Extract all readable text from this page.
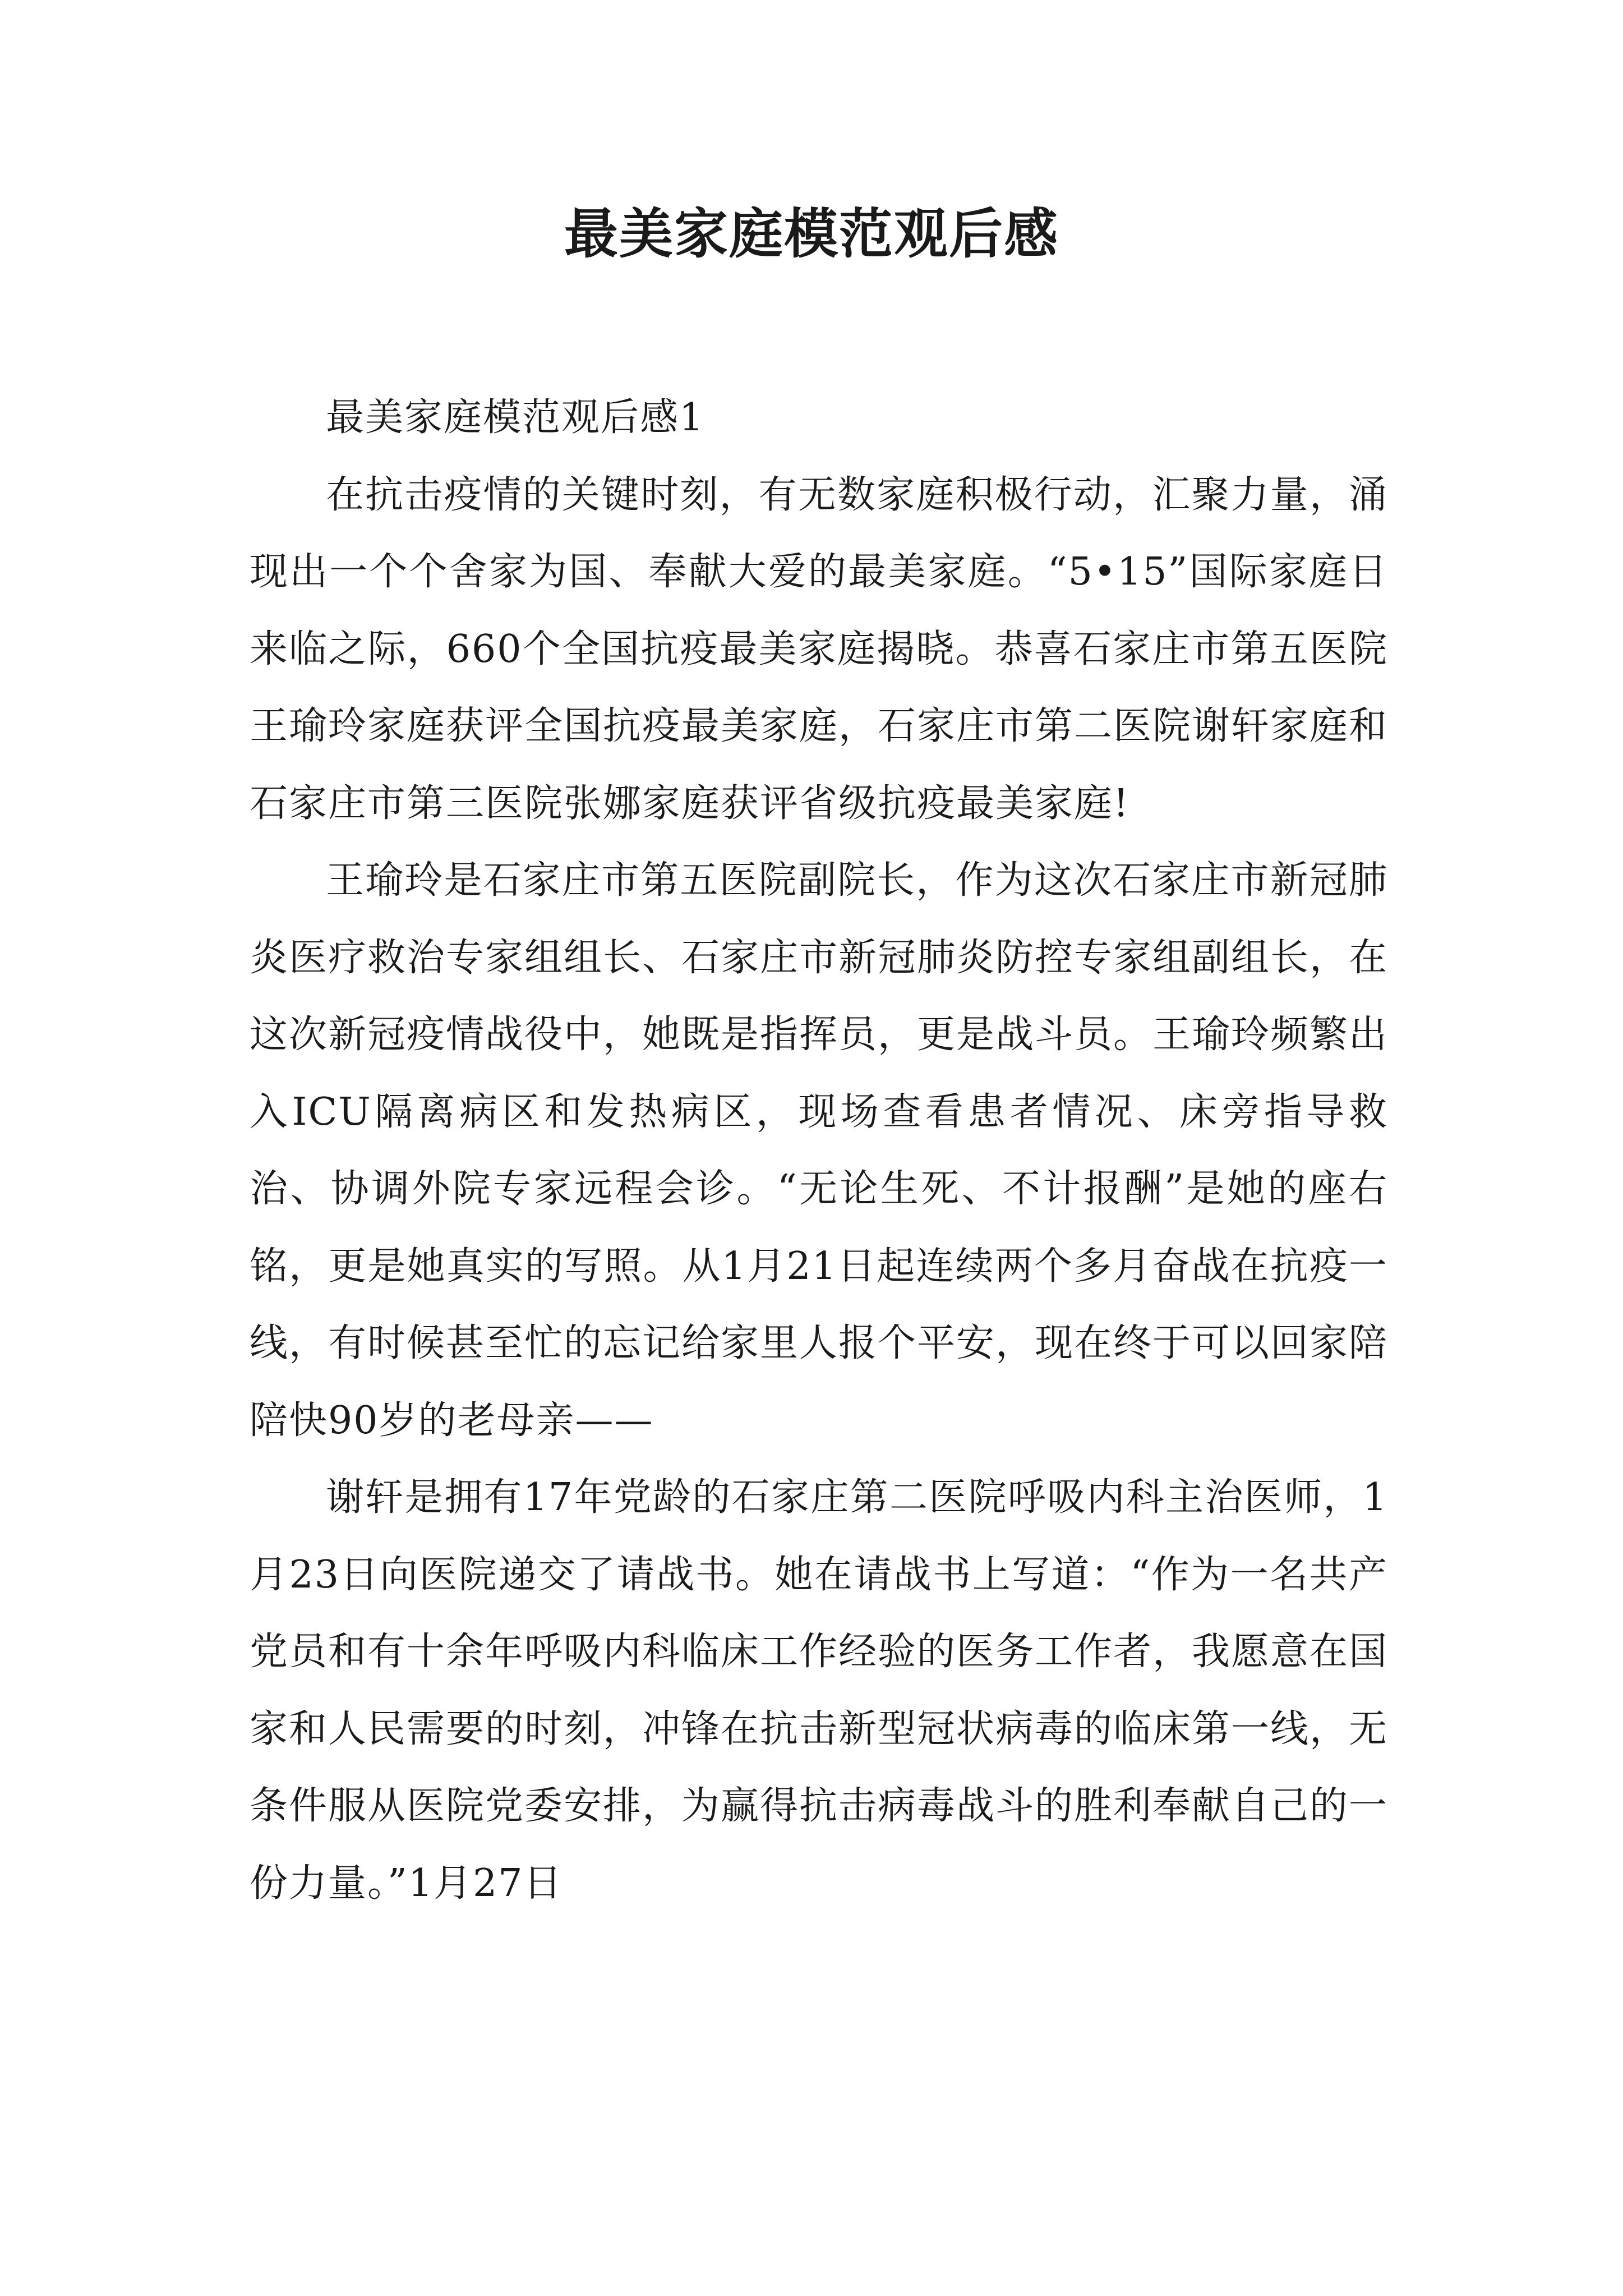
最美家庭模范观后感

最美家庭模范观后感1

在抗击疫情的关键时刻，有无数家庭积极行动，汇聚力量，涌现出一个个舍家为国、奉献大爱的最美家庭。“5•15”国际家庭日来临之际，660个全国抗疫最美家庭揭晓。恭喜石家庄市第五医院王瑜玲家庭获评全国抗疫最美家庭，石家庄市第二医院谢轩家庭和石家庄市第三医院张娜家庭获评省级抗疫最美家庭!

王瑜玲是石家庄市第五医院副院长，作为这次石家庄市新冠肺炎医疗救治专家组组长、石家庄市新冠肺炎防控专家组副组长，在这次新冠疫情战役中，她既是指挥员，更是战斗员。王瑜玲频繁出入ICU隔离病区和发热病区，现场查看患者情况、床旁指导救治、协调外院专家远程会诊。“无论生死、不计报酬”是她的座右铭，更是她真实的写照。从1月21日起连续两个多月奋战在抗疫一线，有时候甚至忙的忘记给家里人报个平安，现在终于可以回家陪陪快90岁的老母亲——

谢轩是拥有17年党龄的石家庄第二医院呼吸内科主治医师，1月23日向医院递交了请战书。她在请战书上写道：“作为一名共产党员和有十余年呼吸内科临床工作经验的医务工作者，我愿意在国家和人民需要的时刻，冲锋在抗击新型冠状病毒的临床第一线，无条件服从医院党委安排，为赢得抗击病毒战斗的胜利奉献自己的一份力量。”1月27日
